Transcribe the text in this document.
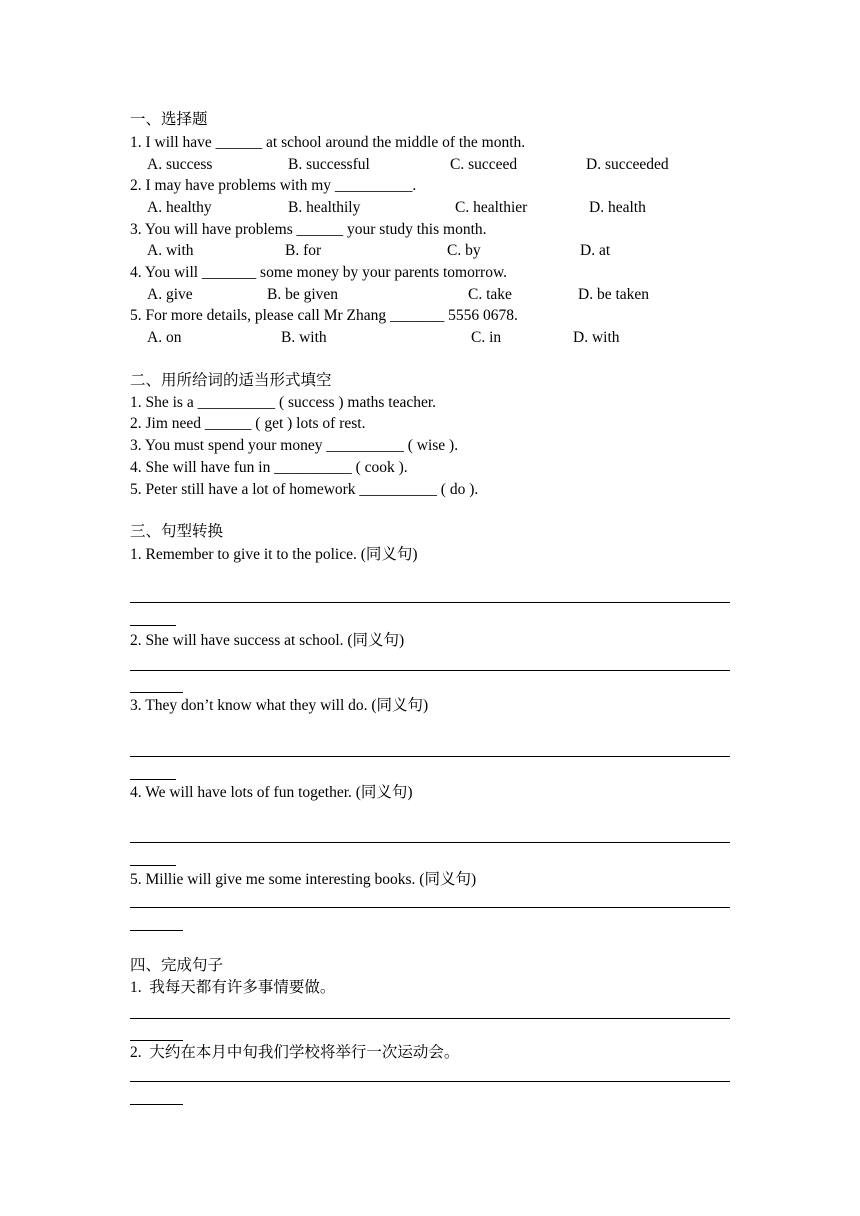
一、选择题
1. I will have ______ at school around the middle of the month.
A. success	B. successful	C. succeed	D. succeeded
2. I may have problems with my __________.
A. healthy	B. healthily	C. healthier	D. health
3. You will have problems ______ your study this month.
A. with	B. for	C. by	D. at
4. You will _______ some money by your parents tomorrow.
A. give	B. be given	C. take	D. be taken
5. For more details, please call Mr Zhang _______ 5556 0678.
A. on	B. with	C. in	D. with
二、用所给词的适当形式填空
1. She is a __________ ( success ) maths teacher.
2. Jim need ______ ( get ) lots of rest.
3. You must spend your money __________ ( wise ).
4. She will have fun in __________ ( cook ).
5. Peter still have a lot of homework __________ ( do ).
三、句型转换
1. Remember to give it to the police. (同义句)
2. She will have success at school. (同义句)
3. They don’t know what they will do. (同义句)
4. We will have lots of fun together. (同义句)
5. Millie will give me some interesting books. (同义句)
四、完成句子
1.  我每天都有许多事情要做。
2.  大约在本月中旬我们学校将举行一次运动会。
